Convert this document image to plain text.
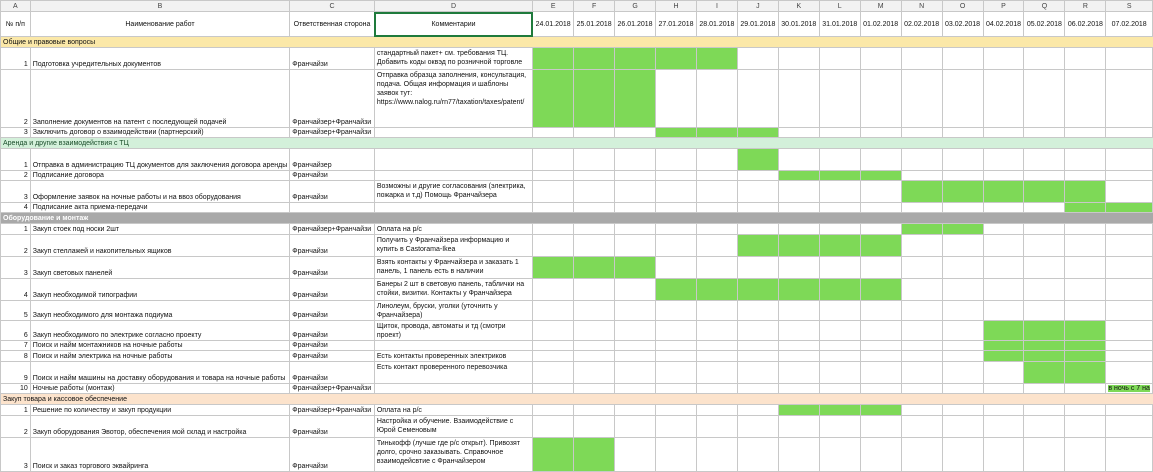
A	B	C	D	E	F	G	H	I	J	K	L	M	N	O	P	Q	R	S
№ п/п	Наименование работ	Ответственная сторона	Комментарии	24.01.2018	25.01.2018	26.01.2018	27.01.2018	28.01.2018	29.01.2018	30.01.2018	31.01.2018	01.02.2018	02.02.2018	03.02.2018	04.02.2018	05.02.2018	06.02.2018	07.02.2018
Общие и правовые вопросы																		
1	Подготовка учредительных документов	Франчайзи	стандартный пакет+ см. требования ТЦ. Добавить коды оквэд по розничной торговле															
2	Заполнение документов на патент с последующей подачей	Франчайзер+Франчайзи	Отправка образца заполнения, консультация, подача. Общая информация и шаблоны заявок тут: https://www.nalog.ru/rn77/taxation/taxes/patent/															
3	Заключить договор о взаимодействии (партнерский)	Франчайзер+Франчайзи																
Аренда и другие взаимодействия с ТЦ																		
1	Отправка в администрацию ТЦ документов для заключения договора аренды	Франчайзер																
2	Подписание договора	Франчайзи																
3	Оформление заявок на ночные работы и на ввоз оборудования	Франчайзи	Возможны и другие согласования (электрика, пожарка и т.д) Помощь Франчайзера															
4	Подписание акта приема-передачи																	
Оборудование и монтаж																		
1	Закуп стоек под носки 2шт	Франчайзер+Франчайзи	Оплата на р/с															
2	Закуп стеллажей и накопительных ящиков	Франчайзи	Получить у Франчайзера информацию и купить в Castorama-Ikea															
3	Закуп световых панелей	Франчайзи	Взять контакты у Франчайзера и заказать 1 панель, 1 панель есть в наличии															
4	Закуп необходимой типографии	Франчайзи	Банеры 2 шт в световую панель, таблички на стойки, визитки. Контакты у Франчайзера															
5	Закуп необходимого для монтажа подиума	Франчайзи	Линолеум, бруски, уголки (уточнить у Франчайзера)															
6	Закуп необходимого по электрике согласно проекту	Франчайзи	Щиток, провода, автоматы и тд (смотри проект)															
7	Поиск и найм монтажников на ночные работы	Франчайзи																
8	Поиск и найм электрика на ночные работы	Франчайзи	Есть контакты проверенных электриков															
9	Поиск и найм машины на доставку оборудования и товара на ночные работы	Франчайзи	Есть контакт проверенного перевозчика															
10	Ночные работы (монтаж)	Франчайзер+Франчайзи																в ночь с 7 на
Закуп товара и кассовое обеспечение																		
1	Решение по количеству и закуп продукции	Франчайзер+Франчайзи	Оплата на р/с															
2	Закуп оборудования Эвотор, обеспечения мой склад и настройка	Франчайзи	Настройка и обучение. Взаимодействие с Юрой Семеновым															
3	Поиск и заказ торгового эквайринга	Франчайзи	Тинькофф (лучше где р/с открыт). Привозят долго, срочно заказывать. Справочное взаимодейсвтие с Франчайзером															
